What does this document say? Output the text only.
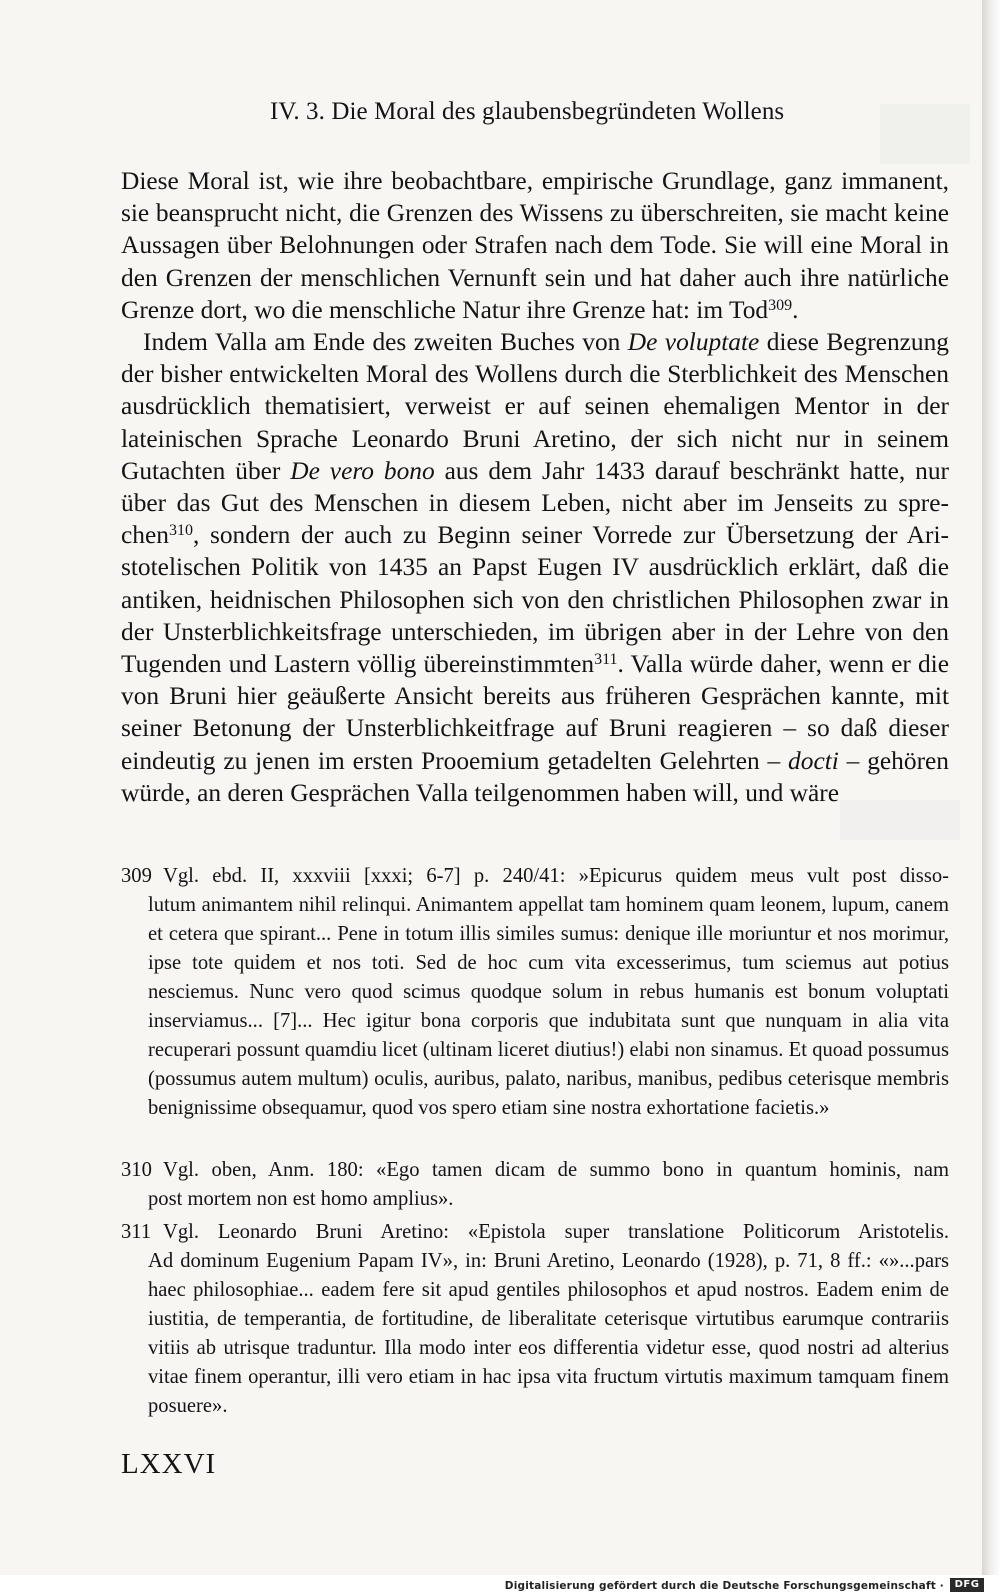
IV. 3. Die Moral des glaubensbegründeten Wollens

Diese Moral ist, wie ihre beobachtbare, empirische Grundlage, ganz immanent, sie beansprucht nicht, die Grenzen des Wissens zu überschreiten, sie macht keine Aussagen über Belohnungen oder Strafen nach dem Tode. Sie will eine Moral in den Grenzen der menschlichen Vernunft sein und hat daher auch ihre natürliche Grenze dort, wo die menschliche Natur ihre Grenze hat: im Tod$^{309}$.

Indem Valla am Ende des zweiten Buches von De voluptate diese Begrenzung der bisher entwickelten Moral des Wollens durch die Sterblichkeit des Menschen ausdrücklich thematisiert, verweist er auf seinen ehemaligen Mentor in der lateinischen Sprache Leonardo Bruni Aretino, der sich nicht nur in seinem Gutachten über De vero bono aus dem Jahr 1433 darauf beschränkt hatte, nur über das Gut des Menschen in diesem Leben, nicht aber im Jenseits zu sprechen$^{310}$, sondern der auch zu Beginn seiner Vorrede zur Übersetzung der Aristotelischen Politik von 1435 an Papst Eugen IV ausdrücklich erklärt, daß die antiken, heidnischen Philosophen sich von den christlichen Philosophen zwar in der Unsterblichkeitsfrage unterschieden, im übrigen aber in der Lehre von den Tugenden und Lastern völlig übereinstimmten$^{311}$. Valla würde daher, wenn er die von Bruni hier geäußerte Ansicht bereits aus früheren Gesprächen kannte, mit seiner Betonung der Unsterblichkeitfrage auf Bruni reagieren – so daß dieser eindeutig zu jenen im ersten Prooemium getadelten Gelehrten – docti – gehören würde, an deren Gesprächen Valla teilgenommen haben will, und wäre

309 Vgl. ebd. II, xxxviii [xxxi; 6-7] p. 240/41: »Epicurus quidem meus vult post disso-
lutum animantem nihil relinqui. Animantem appellat tam hominem quam leonem, lupum, canem et cetera que spirant... Pene in totum illis similes sumus: denique ille moriuntur et nos morimur, ipse tote quidem et nos toti. Sed de hoc cum vita excesserimus, tum sciemus aut potius nesciemus. Nunc vero quod scimus quodque solum in rebus humanis est bonum voluptati inserviamus... [7]... Hec igitur bona corporis que indubitata sunt que nunquam in alia vita recuperari possunt quamdiu licet (ultinam liceret diutius!) elabi non sinamus. Et quoad possumus (possumus autem multum) oculis, auribus, palato, naribus, manibus, pedibus ceterisque membris benignissime obsequamur, quod vos spero etiam sine nostra exhortatione facietis.»
310 Vgl. oben, Anm. 180: «Ego tamen dicam de summo bono in quantum hominis, nam
post mortem non est homo amplius».
311 Vgl. Leonardo Bruni Aretino: «Epistola super translatione Politicorum Aristotelis.
Ad dominum Eugenium Papam IV», in: Bruni Aretino, Leonardo (1928), p. 71, 8 ff.: «»...pars haec philosophiae... eadem fere sit apud gentiles philosophos et apud nostros. Eadem enim de iustitia, de temperantia, de fortitudine, de liberalitate ceterisque virtutibus earumque contrariis vitiis ab utrisque traduntur. Illa modo inter eos differentia videtur esse, quod nostri ad alterius vitae finem operantur, illi vero etiam in hac ipsa vita fructum virtutis maximum tamquam finem posuere».
LXXVI
Digitalisierung gefördert durch die Deutsche Forschungsgemeinschaft ·	DFG
